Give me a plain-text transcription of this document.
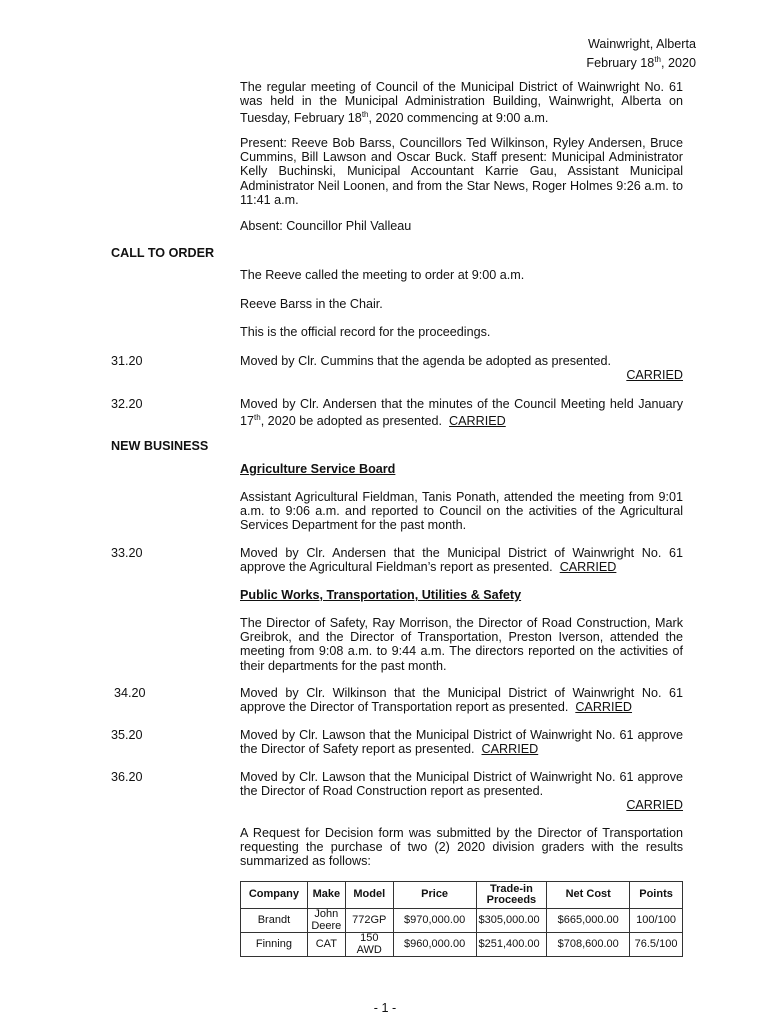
Wainwright, Alberta
February 18th, 2020
The regular meeting of Council of the Municipal District of Wainwright No. 61 was held in the Municipal Administration Building, Wainwright, Alberta on Tuesday, February 18th, 2020 commencing at 9:00 a.m.
Present: Reeve Bob Barss, Councillors Ted Wilkinson, Ryley Andersen, Bruce Cummins, Bill Lawson and Oscar Buck. Staff present: Municipal Administrator Kelly Buchinski, Municipal Accountant Karrie Gau, Assistant Municipal Administrator Neil Loonen, and from the Star News, Roger Holmes 9:26 a.m. to 11:41 a.m.
Absent: Councillor Phil Valleau
CALL TO ORDER
The Reeve called the meeting to order at 9:00 a.m.
Reeve Barss in the Chair.
This is the official record for the proceedings.
31.20	Moved by Clr. Cummins that the agenda be adopted as presented.
CARRIED
32.20	Moved by Clr. Andersen that the minutes of the Council Meeting held January 17th, 2020 be adopted as presented. CARRIED
NEW BUSINESS
Agriculture Service Board
Assistant Agricultural Fieldman, Tanis Ponath, attended the meeting from 9:01 a.m. to 9:06 a.m. and reported to Council on the activities of the Agricultural Services Department for the past month.
33.20	Moved by Clr. Andersen that the Municipal District of Wainwright No. 61 approve the Agricultural Fieldman’s report as presented. CARRIED
Public Works, Transportation, Utilities & Safety
The Director of Safety, Ray Morrison, the Director of Road Construction, Mark Greibrok, and the Director of Transportation, Preston Iverson, attended the meeting from 9:08 a.m. to 9:44 a.m. The directors reported on the activities of their departments for the past month.
34.20	Moved by Clr. Wilkinson that the Municipal District of Wainwright No. 61 approve the Director of Transportation report as presented. CARRIED
35.20	Moved by Clr. Lawson that the Municipal District of Wainwright No. 61 approve the Director of Safety report as presented. CARRIED
36.20	Moved by Clr. Lawson that the Municipal District of Wainwright No. 61 approve the Director of Road Construction report as presented.
CARRIED
A Request for Decision form was submitted by the Director of Transportation requesting the purchase of two (2) 2020 division graders with the results summarized as follows:
Company	Make	Model	Price	Trade-in Proceeds	Net Cost	Points
Brandt	John Deere	772GP	$970,000.00	$305,000.00	$665,000.00	100/100
Finning	CAT	150 AWD	$960,000.00	$251,400.00	$708,600.00	76.5/100
- 1 -
